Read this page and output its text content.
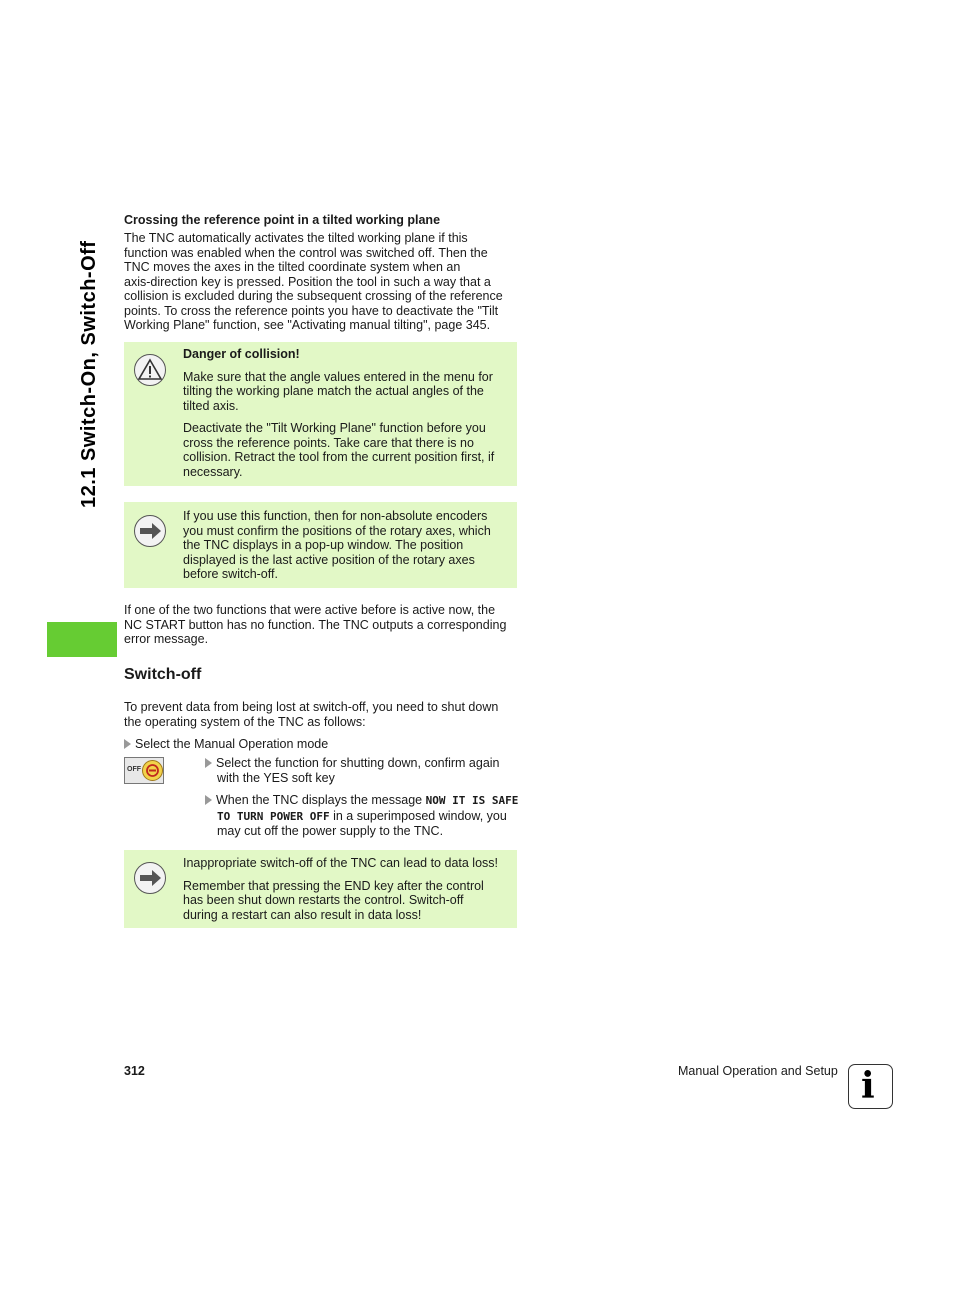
12.1 Switch-On, Switch-Off
Crossing the reference point in a tilted working plane
The TNC automatically activates the tilted working plane if this
function was enabled when the control was switched off. Then the
TNC moves the axes in the tilted coordinate system when an
axis-direction key is pressed. Position the tool in such a way that a
collision is excluded during the subsequent crossing of the reference
points. To cross the reference points you have to deactivate the "Tilt
Working Plane" function, see "Activating manual tilting", page 345.
Danger of collision!
Make sure that the angle values entered in the menu for
tilting the working plane match the actual angles of the
tilted axis.
Deactivate the "Tilt Working Plane" function before you
cross the reference points. Take care that there is no
collision. Retract the tool from the current position first, if
necessary.
If you use this function, then for non-absolute encoders
you must confirm the positions of the rotary axes, which
the TNC displays in a pop-up window. The position
displayed is the last active position of the rotary axes
before switch-off.
If one of the two functions that were active before is active now, the
NC START button has no function. The TNC outputs a corresponding
error message.
Switch-off
To prevent data from being lost at switch-off, you need to shut down
the operating system of the TNC as follows:
Select the Manual Operation mode
OFF	Select the function for shutting down, confirm again
with the YES soft key
When the TNC displays the message NOW IT IS SAFE
TO TURN POWER OFF in a superimposed window, you
may cut off the power supply to the TNC.
Inappropriate switch-off of the TNC can lead to data loss!
Remember that pressing the END key after the control
has been shut down restarts the control. Switch-off
during a restart can also result in data loss!
312	Manual Operation and Setup i
